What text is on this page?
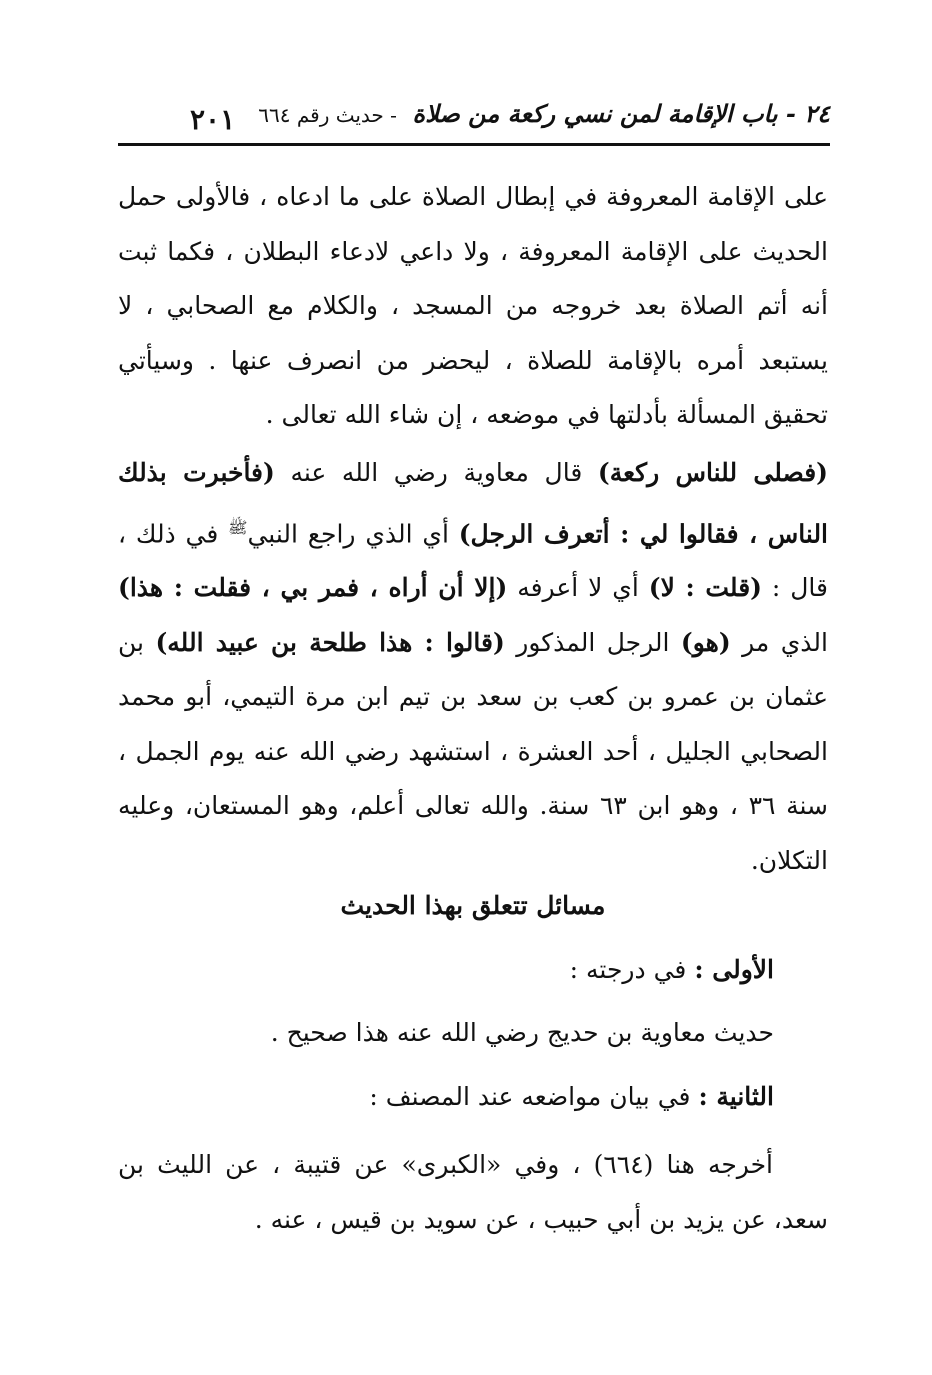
٢٠١	٢٤ - باب الإقامة لمن نسي ركعة من صلاة - حديث رقم ٦٦٤
على الإقامة المعروفة في إبطال الصلاة على ما ادعاه ، فالأولى حمل الحديث على الإقامة المعروفة ، ولا داعي لادعاء البطلان ، فكما ثبت أنه أتم الصلاة بعد خروجه من المسجد ، والكلام مع الصحابي ، لا يستبعد أمره بالإقامة للصلاة ، ليحضر من انصرف عنها . وسيأتي تحقيق المسألة بأدلتها في موضعه ، إن شاء الله تعالى .
(فصلى للناس ركعة) قال معاوية رضي الله عنه (فأخبرت بذلك الناس ، فقالوا لي : أتعرف الرجل) أي الذي راجع النبي$^ﷺ$ في ذلك ، قال : (قلت : لا) أي لا أعرفه (إلا أن أراه ، فمر بي ، فقلت : هذا) الذي مر (هو) الرجل المذكور (قالوا : هذا طلحة بن عبيد الله) بن عثمان بن عمرو بن كعب بن سعد بن تيم ابن مرة التيمي، أبو محمد الصحابي الجليل ، أحد العشرة ، استشهد رضي الله عنه يوم الجمل ، سنة ٣٦ ، وهو ابن ٦٣ سنة. والله تعالى أعلم، وهو المستعان، وعليه التكلان.
مسائل تتعلق بهذا الحديث
الأولى : في درجته :
حديث معاوية بن حديج رضي الله عنه هذا صحيح .
الثانية : في بيان مواضعه عند المصنف :
أخرجه هنا (٦٦٤) ، وفي «الكبرى» عن قتيبة ، عن الليث بن سعد، عن يزيد بن أبي حبيب ، عن سويد بن قيس ، عنه .
